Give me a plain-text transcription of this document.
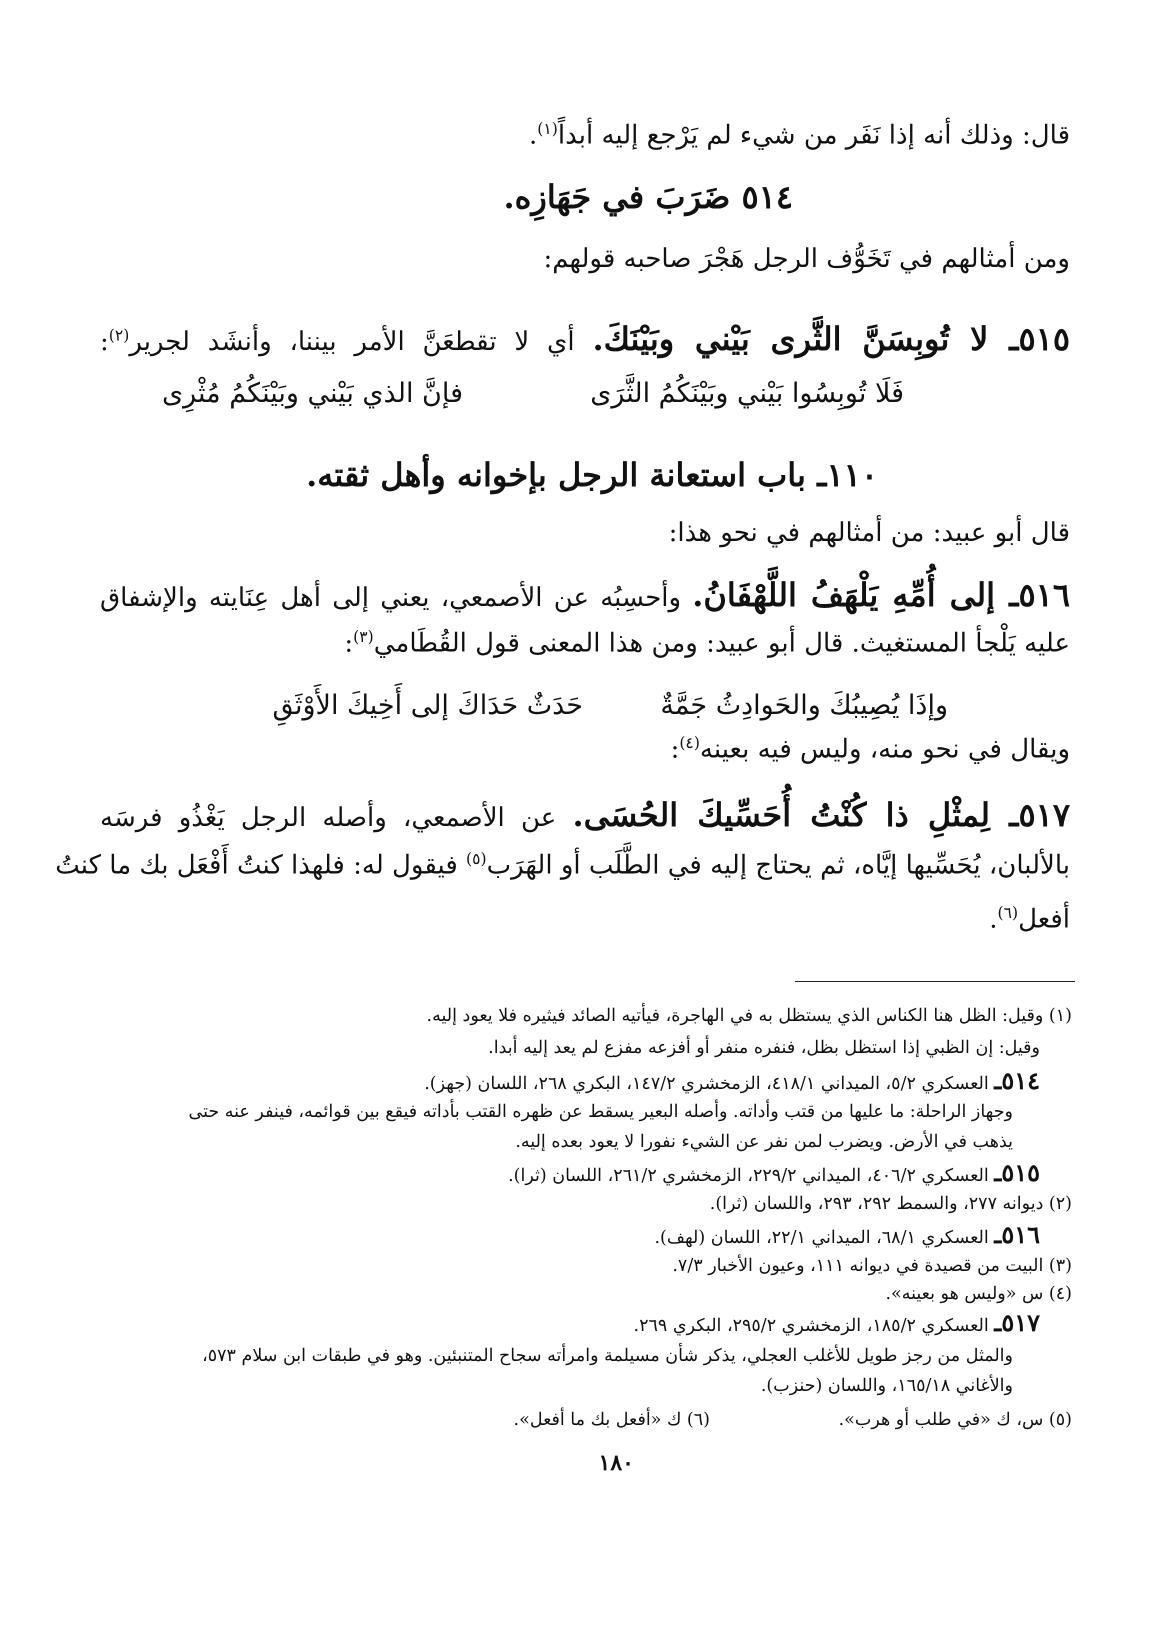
قال: وذلك أنه إذا نَفَر من شيء لم يَرْجع إليه أبداً$^{(١)}$.
٥١٤ ضَرَبَ في جَهَازِه.
ومن أمثالهم في تَخَوُّف الرجل هَجْرَ صاحبه قولهم:
٥١٥ـ لا تُوبِسَنَّ الثَّرى بَيْني وبَيْنَكَ. أي لا تقطعَنَّ الأمر بيننا، وأنشَد لجرير$^{(٢)}$:
فَلَا تُوبِسُوا بَيْني وبَيْنَكُمُ الثَّرَى
فإنَّ الذي بَيْني وبَيْنَكُمُ مُثْرِى
١١٠ـ باب استعانة الرجل بإخوانه وأهل ثقته.
قال أبو عبيد: من أمثالهم في نحو هذا:
٥١٦ـ إلى أُمِّهِ يَلْهَفُ اللَّهْفَانُ. وأحسِبُه عن الأصمعي، يعني إلى أهل عِنَايته والإشفاق
عليه يَلْجأ المستغيث. قال أبو عبيد: ومن هذا المعنى قول القُطَامي$^{(٣)}$:
وإذَا يُصِيبُكَ والحَوادِثُ جَمَّةٌ
حَدَثٌ حَدَاكَ إلى أَخِيكَ الأَوْثَقِ
ويقال في نحو منه، وليس فيه بعينه$^{(٤)}$:
٥١٧ـ لِمثْلِ ذا كُنْتُ أُحَسِّيكَ الحُسَى. عن الأصمعي، وأصله الرجل يَغْذُو فرسَه
بالألبان، يُحَسِّيها إيَّاه، ثم يحتاج إليه في الطَّلَب أو الهَرَب$^{(٥)}$ فيقول له: فلهذا كنتُ أَفْعَل بك ما كنتُ
أفعل$^{(٦)}$.
(١) وقيل: الظل هنا الكناس الذي يستظل به في الهاجرة، فيأتيه الصائد فيثيره فلا يعود إليه.
وقيل: إن الظبي إذا استظل بظل، فنفره منفر أو أفزعه مفزع لم يعد إليه أبدا.
٥١٤ـ العسكري ٥/٢، الميداني ٤١٨/١، الزمخشري ١٤٧/٢، البكري ٢٦٨، اللسان (جهز).
وجهاز الراحلة: ما عليها من قتب وأداته. وأصله البعير يسقط عن ظهره القتب بأداته فيقع بين قوائمه، فينفر عنه حتى
يذهب في الأرض. ويضرب لمن نفر عن الشيء نفورا لا يعود بعده إليه.
٥١٥ـ العسكري ٤٠٦/٢، الميداني ٢٢٩/٢، الزمخشري ٢٦١/٢، اللسان (ثرا).
(٢) ديوانه ٢٧٧، والسمط ٢٩٢، ٢٩٣، واللسان (ثرا).
٥١٦ـ العسكري ٦٨/١، الميداني ٢٢/١، اللسان (لهف).
(٣) البيت من قصيدة في ديوانه ١١١، وعيون الأخبار ٧/٣.
(٤) س «وليس هو بعينه».
٥١٧ـ العسكري ١٨٥/٢، الزمخشري ٢٩٥/٢، البكري ٢٦٩.
والمثل من رجز طويل للأغلب العجلي، يذكر شأن مسيلمة وامرأته سجاح المتنبئين. وهو في طبقات ابن سلام ٥٧٣،
والأغاني ١٦٥/١٨، واللسان (حنزب).
(٥) س، ك «في طلب أو هرب».
(٦) ك «أفعل بك ما أفعل».
١٨٠
